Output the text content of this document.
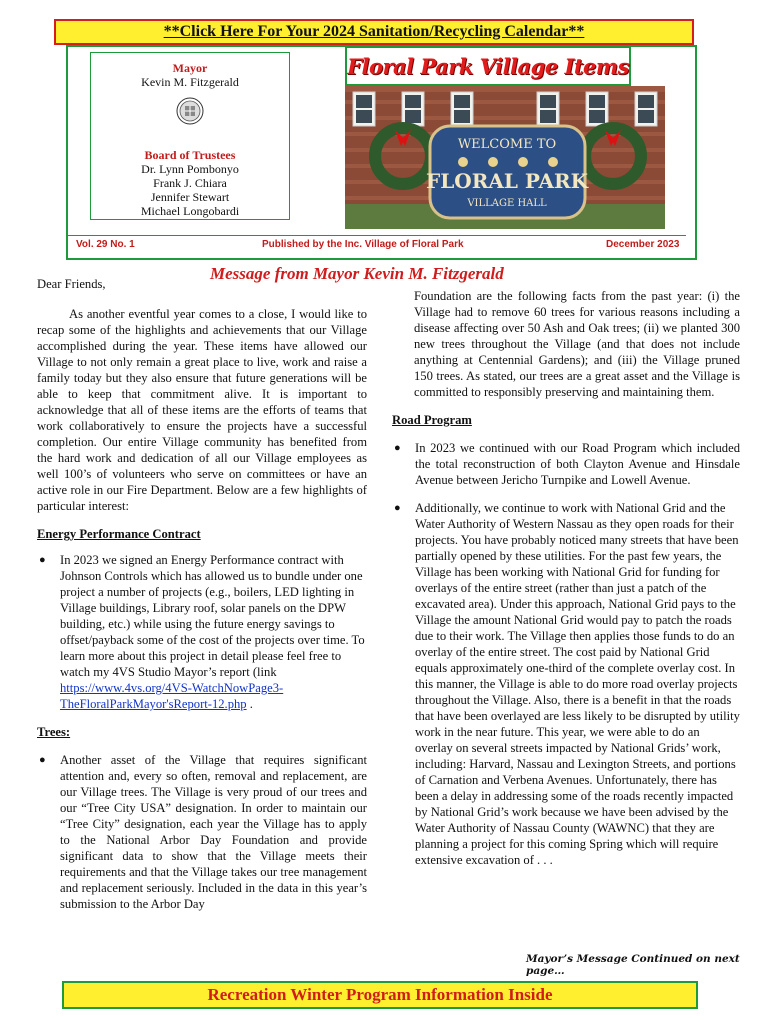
**Click Here For Your 2024 Sanitation/Recycling Calendar**
Mayor
Kevin M. Fitzgerald
Board of Trustees
Dr. Lynn Pombonyo
Frank J. Chiara
Jennifer Stewart
Michael Longobardi
Floral Park Village Items
WELCOME TO
FLORAL PARK
VILLAGE HALL
Vol. 29 No. 1	Published by the Inc. Village of Floral Park	December 2023
Message from Mayor Kevin M. Fitzgerald

Dear Friends,

As another eventful year comes to a close, I would like to recap some of the highlights and achievements that our Village accomplished during the year. These items have allowed our Village to not only remain a great place to live, work and raise a family today but they also ensure that future generations will be able to keep that commitment alive. It is important to acknowledge that all of these items are the efforts of teams that work collaboratively to ensure the projects have a successful completion. Our entire Village community has benefited from the hard work and dedication of all our Village employees as well 100’s of volunteers who serve on committees or have an active role in our Fire Department. Below are a few highlights of particular interest:

Energy Performance Contract

● In 2023 we signed an Energy Performance contract with Johnson Controls which has allowed us to bundle under one project a number of projects (e.g., boilers, LED lighting in Village buildings, Library roof, solar panels on the DPW building, etc.) while using the future energy savings to offset/payback some of the cost of the projects over time. To learn more about this project in detail please feel free to watch my 4VS Studio Mayor’s report (link https://www.4vs.org/4VS-WatchNowPage3-TheFloralParkMayor'sReport-12.php .

Trees:

● Another asset of the Village that requires significant attention and, every so often, removal and replacement, are our Village trees. The Village is very proud of our trees and our “Tree City USA” designation. In order to maintain our “Tree City” designation, each year the Village has to apply to the National Arbor Day Foundation and provide significant data to show that the Village meets their requirements and that the Village takes our tree management and replacement seriously. Included in the data in this year’s submission to the Arbor Day

Foundation are the following facts from the past year: (i) the Village had to remove 60 trees for various reasons including a disease affecting over 50 Ash and Oak trees; (ii) we planted 300 new trees throughout the Village (and that does not include anything at Centennial Gardens); and (iii) the Village pruned 150 trees. As stated, our trees are a great asset and the Village is committed to responsibly preserving and maintaining them.

Road Program

● In 2023 we continued with our Road Program which included the total reconstruction of both Clayton Avenue and Hinsdale Avenue between Jericho Turnpike and Lowell Avenue.
● Additionally, we continue to work with National Grid and the Water Authority of Western Nassau as they open roads for their projects. You have probably noticed many streets that have been partially opened by these utilities. For the past few years, the Village has been working with National Grid for funding for overlays of the entire street (rather than just a patch of the excavated area). Under this approach, National Grid pays to the Village the amount National Grid would pay to patch the roads due to their work. The Village then applies those funds to do an overlay of the entire street. The cost paid by National Grid equals approximately one-third of the complete overlay cost. In this manner, the Village is able to do more road overlay projects throughout the Village. Also, there is a benefit in that the roads that have been overlayed are less likely to be disrupted by utility work in the near future. This year, we were able to do an overlay on several streets impacted by National Grids’ work, including: Harvard, Nassau and Lexington Streets, and portions of Carnation and Verbena Avenues. Unfortunately, there has been a delay in addressing some of the roads recently impacted by National Grid’s work because we have been advised by the Water Authority of Nassau County (WAWNC) that they are planning a project for this coming Spring which will require extensive excavation of . . .
Mayor’s Message Continued on next page…
Recreation Winter Program Information Inside
